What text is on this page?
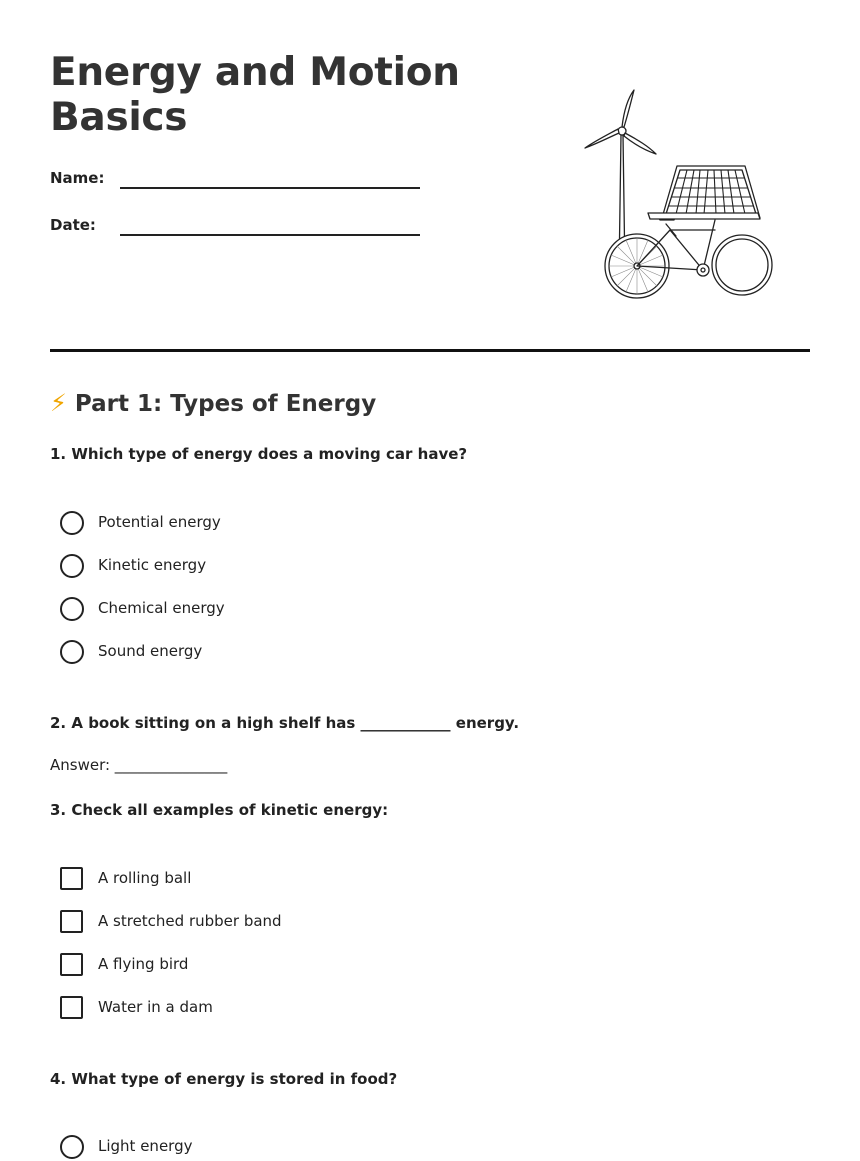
Energy and Motion Basics
Name:
Date:
⚡ Part 1: Types of Energy
1. Which type of energy does a moving car have?
Potential energy
Kinetic energy
Chemical energy
Sound energy
2. A book sitting on a high shelf has ____________ energy.
Answer: _______________
3. Check all examples of kinetic energy:
A rolling ball
A stretched rubber band
A flying bird
Water in a dam
4. What type of energy is stored in food?
Light energy
